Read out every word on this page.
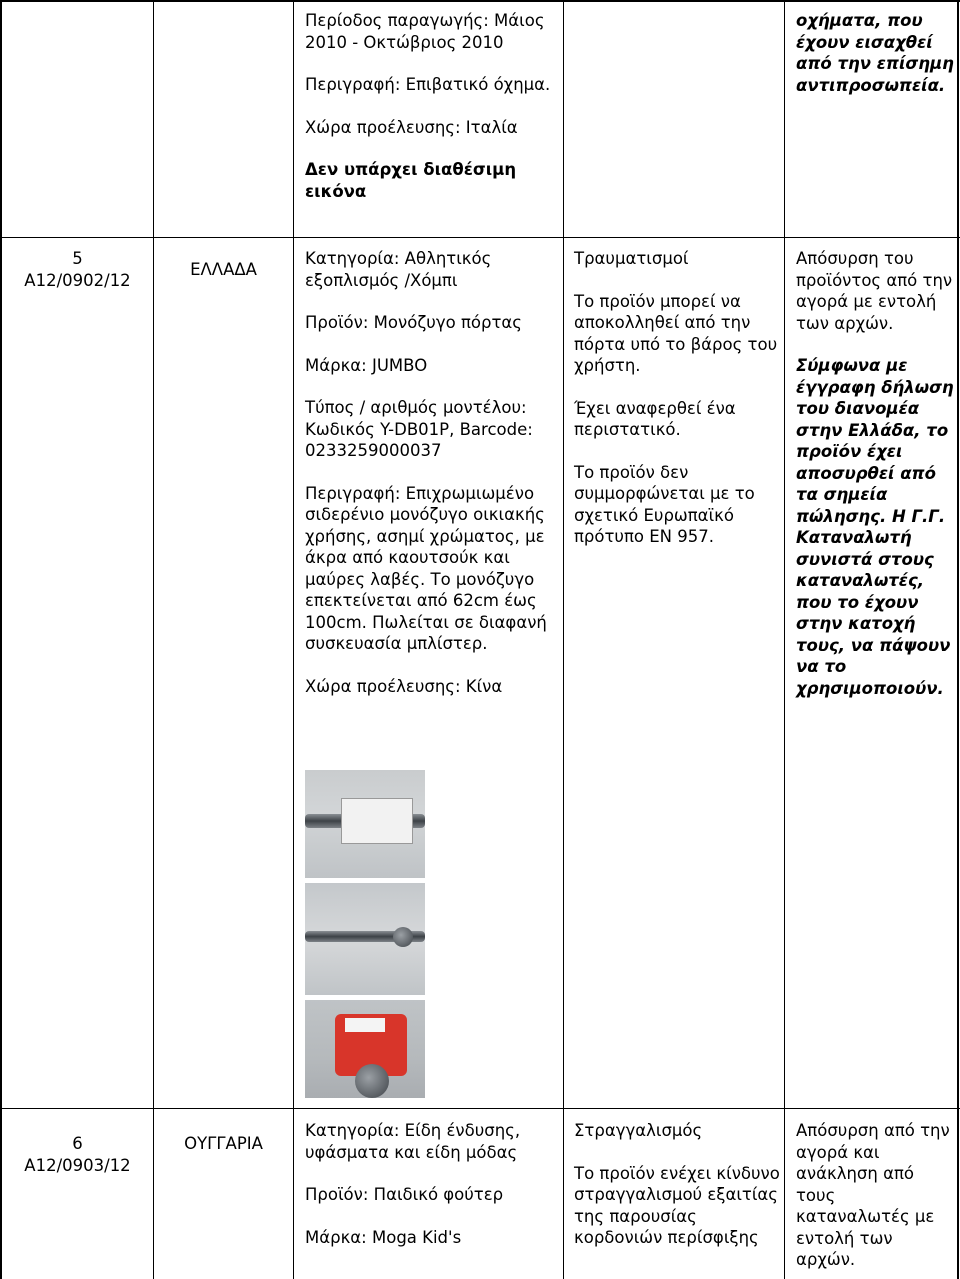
Περίοδος παραγωγής: Μάιος 2010 - Οκτώβριος 2010

Περιγραφή: Επιβατικό όχημα.

Χώρα προέλευσης: Ιταλία

Δεν υπάρχει διαθέσιμη εικόνα

οχήματα, που έχουν εισαχθεί από την επίσημη αντιπροσωπεία.

5
A12/0902/12
ΕΛΛΑΔΑ

Κατηγορία: Αθλητικός εξοπλισμός /Χόμπι

Προϊόν: Μονόζυγο πόρτας

Μάρκα: JUMBO

Τύπος / αριθμός μοντέλου: Κωδικός Y-DB01P, Barcode: 0233259000037

Περιγραφή: Επιχρωμιωμένο σιδερένιο μονόζυγο οικιακής χρήσης, ασημί χρώματος, με άκρα από καουτσούκ και μαύρες λαβές. Το μονόζυγο επεκτείνεται από 62cm έως 100cm. Πωλείται σε διαφανή συσκευασία μπλίστερ.

Χώρα προέλευσης: Κίνα

Τραυματισμοί

Το προϊόν μπορεί να αποκολληθεί από την πόρτα υπό το βάρος του χρήστη.

Έχει αναφερθεί ένα περιστατικό.

Το προϊόν δεν συμμορφώνεται με το σχετικό Ευρωπαϊκό πρότυπο EN 957.

Απόσυρση του προϊόντος από την αγορά με εντολή των αρχών.

Σύμφωνα με έγγραφη δήλωση του διανομέα στην Ελλάδα, το προϊόν έχει αποσυρθεί από τα σημεία πώλησης. Η Γ.Γ. Καταναλωτή συνιστά στους καταναλωτές, που το έχουν στην κατοχή τους, να πάψουν να το χρησιμοποιούν.

6
A12/0903/12
ΟΥΓΓΑΡΙΑ

Κατηγορία: Είδη ένδυσης, υφάσματα και είδη μόδας

Προϊόν: Παιδικό φούτερ

Μάρκα: Moga Kid's

Στραγγαλισμός

Το προϊόν ενέχει κίνδυνο στραγγαλισμού εξαιτίας της παρουσίας κορδονιών περίσφιξης

Απόσυρση από την αγορά και ανάκληση από τους καταναλωτές με εντολή των αρχών.
